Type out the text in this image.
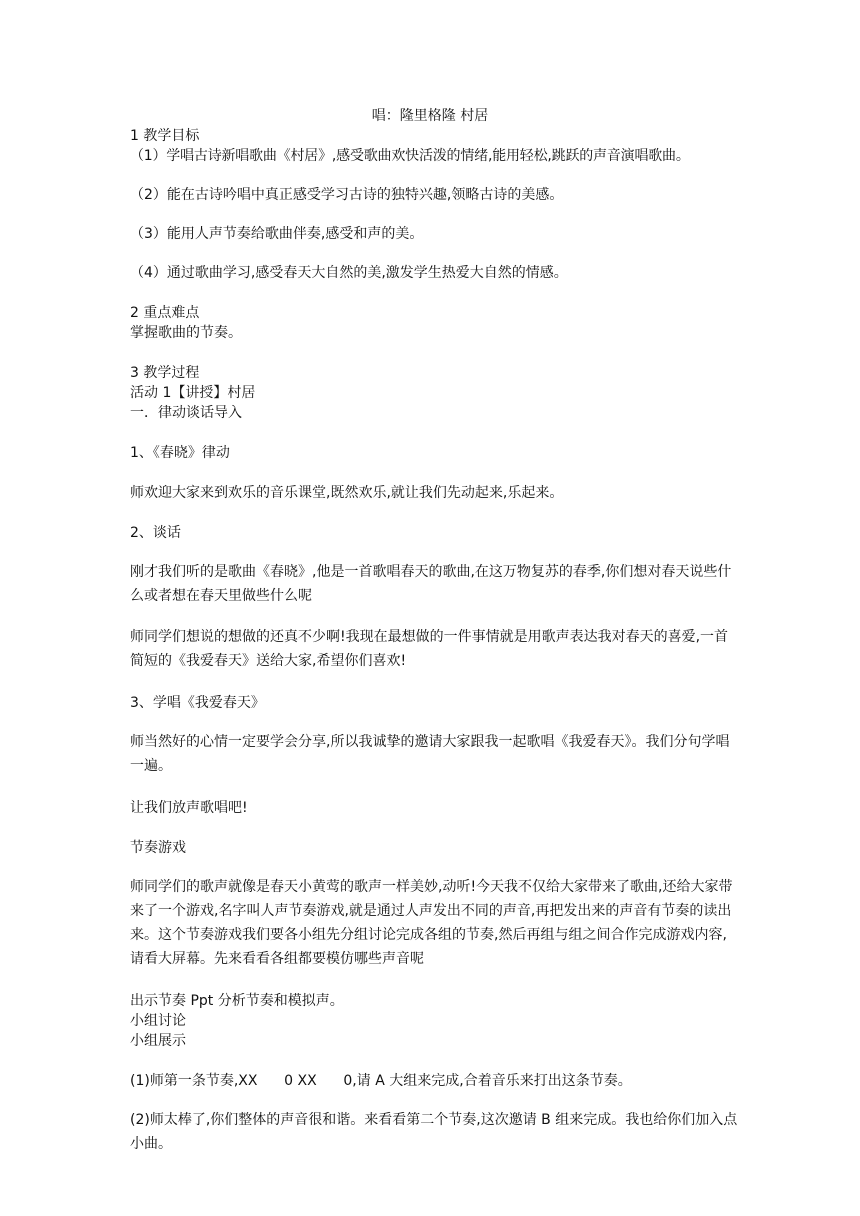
唱：隆里格隆 村居

1 教学目标

（1）学唱古诗新唱歌曲《村居》,感受歌曲欢快活泼的情绪,能用轻松,跳跃的声音演唱歌曲。

（2）能在古诗吟唱中真正感受学习古诗的独特兴趣,领略古诗的美感。

（3）能用人声节奏给歌曲伴奏,感受和声的美。

（4）通过歌曲学习,感受春天大自然的美,激发学生热爱大自然的情感。

2 重点难点

掌握歌曲的节奏。

3 教学过程

活动 1【讲授】村居

一．律动谈话导入

1、《春晓》律动

师欢迎大家来到欢乐的音乐课堂,既然欢乐,就让我们先动起来,乐起来。

2、谈话

刚才我们听的是歌曲《春晓》,他是一首歌唱春天的歌曲,在这万物复苏的春季,你们想对春天说些什么或者想在春天里做些什么呢

师同学们想说的想做的还真不少啊!我现在最想做的一件事情就是用歌声表达我对春天的喜爱,一首简短的《我爱春天》送给大家,希望你们喜欢!

3、学唱《我爱春天》

师当然好的心情一定要学会分享,所以我诚挚的邀请大家跟我一起歌唱《我爱春天》。我们分句学唱一遍。

让我们放声歌唱吧!

节奏游戏

师同学们的歌声就像是春天小黄莺的歌声一样美妙,动听!今天我不仅给大家带来了歌曲,还给大家带来了一个游戏,名字叫人声节奏游戏,就是通过人声发出不同的声音,再把发出来的声音有节奏的读出来。这个节奏游戏我们要各小组先分组讨论完成各组的节奏,然后再组与组之间合作完成游戏内容,请看大屏幕。先来看看各组都要模仿哪些声音呢

出示节奏 Ppt 分析节奏和模拟声。

小组讨论

小组展示

(1)师第一条节奏,XX      0 XX      0,请 A 大组来完成,合着音乐来打出这条节奏。

(2)师太棒了,你们整体的声音很和谐。来看看第二个节奏,这次邀请 B 组来完成。我也给你们加入点小曲。
